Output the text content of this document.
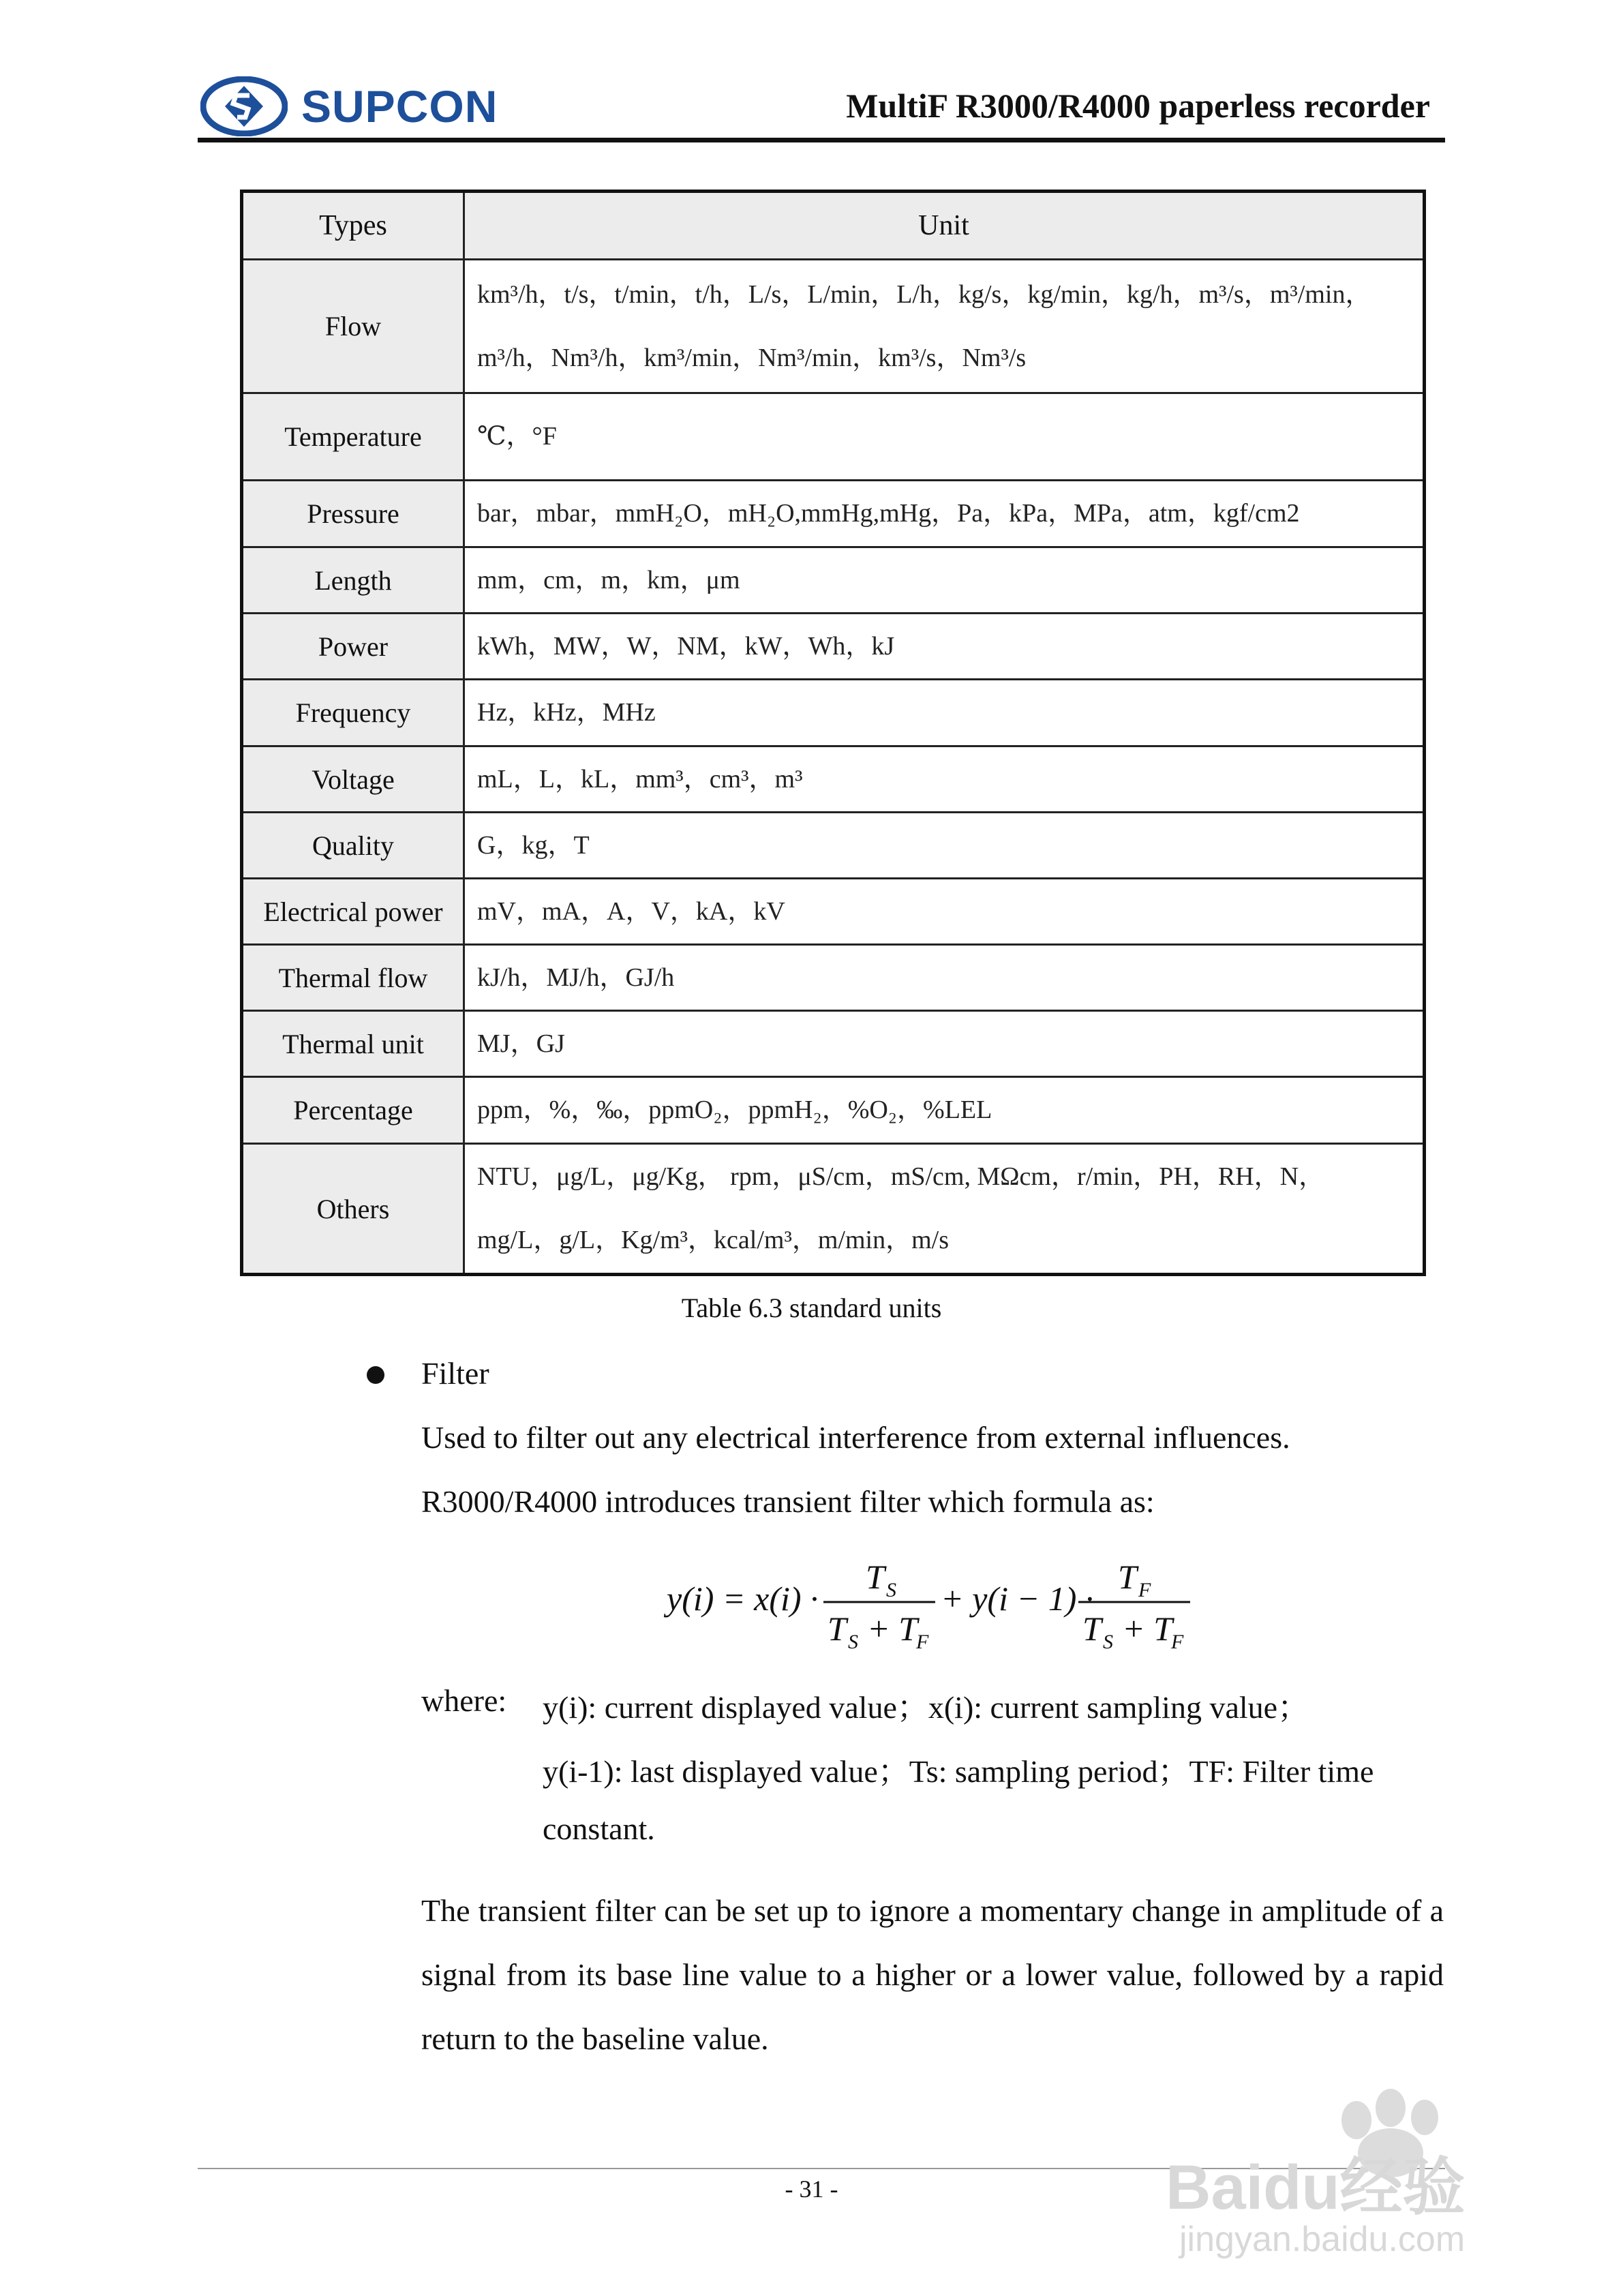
SUPCON	MultiF R3000/R4000 paperless recorder
Types	Unit
Flow	km³/h，t/s，t/min，t/h，L/s，L/min，L/h，kg/s，kg/min，kg/h，m³/s，m³/min，
m³/h，Nm³/h，km³/min，Nm³/min，km³/s，Nm³/s

Temperature	℃，°F
Pressure	bar，mbar，mmH₂O，mH₂O,mmHg,mHg，Pa，kPa，MPa，atm，kgf/cm2
Length	mm，cm，m，km，μm
Power	kWh，MW，W，NM，kW，Wh，kJ
Frequency	Hz，kHz，MHz
Voltage	mL，L，kL，mm³，cm³，m³
Quality	G，kg，T
Electrical power	mV，mA，A，V，kA，kV
Thermal flow	kJ/h，MJ/h，GJ/h
Thermal unit	MJ，GJ
Percentage	ppm，%，‰，ppmO₂，ppmH₂，%O₂，%LEL
Others	NTU，μg/L，μg/Kg， rpm，μS/cm，mS/cm, MΩcm，r/min，PH，RH，N，
mg/L，g/L，Kg/m³，kcal/m³，m/min，m/s
Table 6.3 standard units
Filter
Used to filter out any electrical interference from external influences.
R3000/R4000 introduces transient filter which formula as:
y(i) = x(i) ·
T S
T S + T
F
+ y(i − 1) ·
T F
T S + T
F
where: y(i): current displayed value；x(i): current sampling value；
y(i-1): last displayed value；Ts: sampling period；TF: Filter time
constant.
The transient filter can be set up to ignore a momentary change in amplitude of a signal from its base line value to a higher or a lower value, followed by a rapid return to the baseline value.
- 31 -	Baidu经验
jingyan.baidu.com
